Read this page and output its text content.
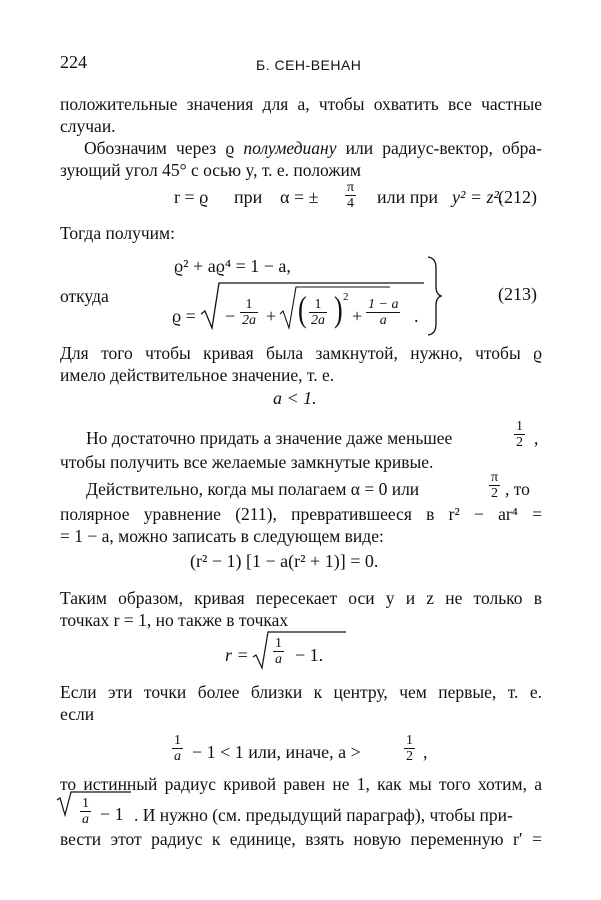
224	Б. СЕН-ВЕНАН
положительные значения для a, чтобы охватить все частные
случаи.
Обозначим через ϱ полумедиану или радиус-вектор, обра-
зующий угол 45° с осью y, т. е. положим
r = ϱ при α = ± $\frac{\pi}{4}$ или при y² = z².
(212)
Тогда получим:
ϱ² + aϱ⁴ = 1 − a,
откуда
ϱ = − $\frac{1}{2a}$ + ( $\frac{1}{2a}$ ) 2
+ $\frac{1 - a}{a}$ .
(213)
Для того чтобы кривая была замкнутой, нужно, чтобы ϱ
имело действительное значение, т. е.
a < 1.
Но достаточно придать a значение даже меньшее	$\frac{1}{2}$ ,
чтобы получить все желаемые замкнутые кривые.
Действительно, когда мы полагаем α = 0 или	$\frac{\pi}{2}$ , то
полярное уравнение (211), превратившееся в r² − ar⁴ =
= 1 − a, можно записать в следующем виде:
(r² − 1) [1 − a(r² + 1)] = 0.
Таким образом, кривая пересекает оси y и z не только в
точках r = 1, но также в точках
$r = \frac{1}{a} - 1$.
Если эти точки более близки к центру, чем первые, т. е.
если
$\frac{1}{a} - 1 < 1$ или, иначе, a >	$\frac{1}{2}$ ,
то истинный радиус кривой равен не 1, как мы того хотим, а
$\frac{1}{a} - 1$ . И нужно (см. предыдущий параграф), чтобы при-
вести этот радиус к единице, взять новую переменную r′ =
